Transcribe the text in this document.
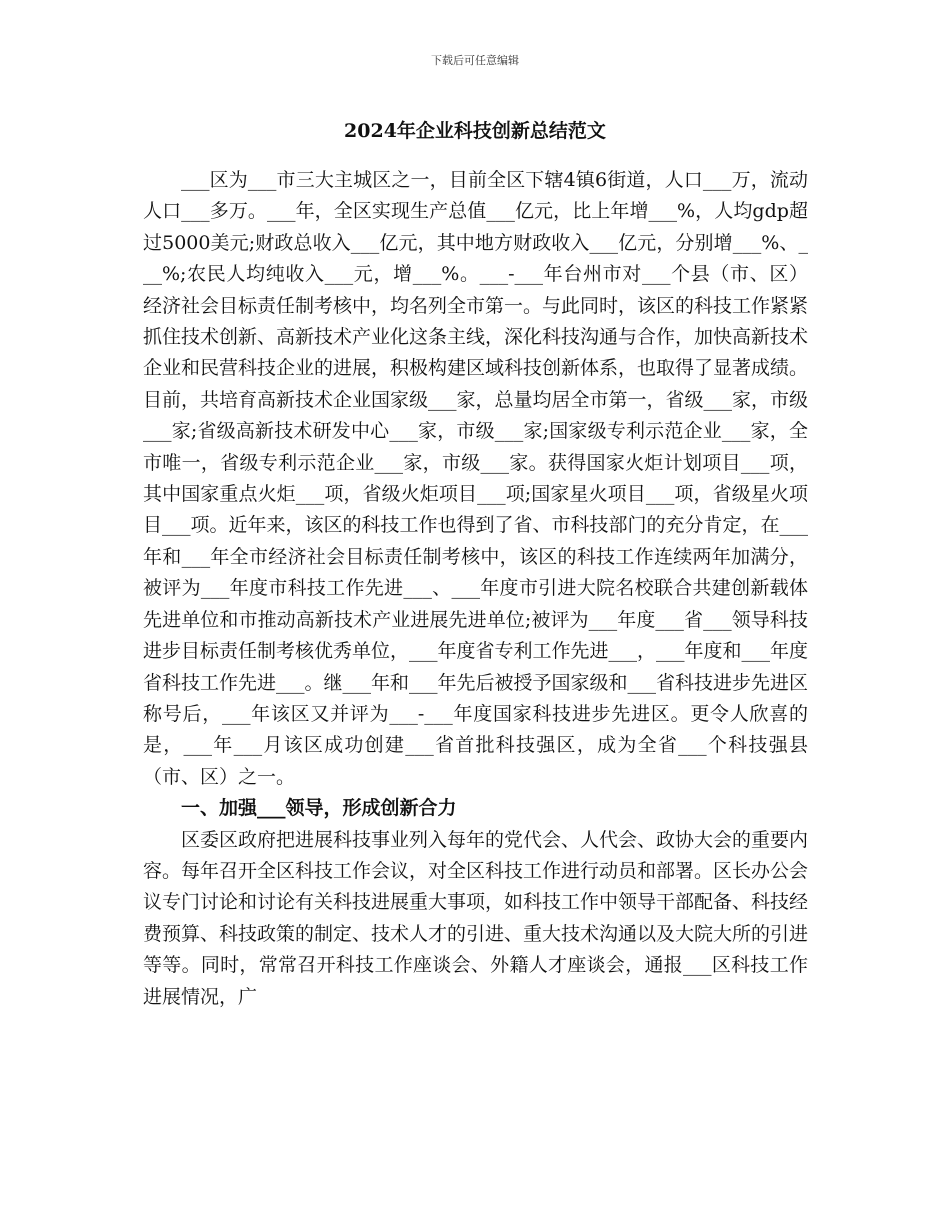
下载后可任意编辑
2024年企业科技创新总结范文

___区为___市三大主城区之一，目前全区下辖4镇6街道，人口___万，流动人口___多万。___年，全区实现生产总值___亿元，比上年增___%，人均gdp超过5000美元;财政总收入___亿元，其中地方财政收入___亿元，分别增___%、___%;农民人均纯收入___元，增___%。___-___年台州市对___个县（市、区）经济社会目标责任制考核中，均名列全市第一。与此同时，该区的科技工作紧紧抓住技术创新、高新技术产业化这条主线，深化科技沟通与合作，加快高新技术企业和民营科技企业的进展，积极构建区域科技创新体系，也取得了显著成绩。目前，共培育高新技术企业国家级___家，总量均居全市第一，省级___家，市级___家;省级高新技术研发中心___家，市级___家;国家级专利示范企业___家，全市唯一，省级专利示范企业___家，市级___家。获得国家火炬计划项目___项，其中国家重点火炬___项，省级火炬项目___项;国家星火项目___项，省级星火项目___项。近年来，该区的科技工作也得到了省、市科技部门的充分肯定，在___年和___年全市经济社会目标责任制考核中，该区的科技工作连续两年加满分，被评为___年度市科技工作先进___、___年度市引进大院名校联合共建创新载体先进单位和市推动高新技术产业进展先进单位;被评为___年度___省___领导科技进步目标责任制考核优秀单位，___年度省专利工作先进___，___年度和___年度省科技工作先进___。继___年和___年先后被授予国家级和___省科技进步先进区称号后，___年该区又并评为___-___年度国家科技进步先进区。更令人欣喜的是，___年___月该区成功创建___省首批科技强区，成为全省___个科技强县（市、区）之一。

一、加强___领导，形成创新合力

区委区政府把进展科技事业列入每年的党代会、人代会、政协大会的重要内容。每年召开全区科技工作会议，对全区科技工作进行动员和部署。区长办公会议专门讨论和讨论有关科技进展重大事项，如科技工作中领导干部配备、科技经费预算、科技政策的制定、技术人才的引进、重大技术沟通以及大院大所的引进等等。同时，常常召开科技工作座谈会、外籍人才座谈会，通报___区科技工作进展情况，广
